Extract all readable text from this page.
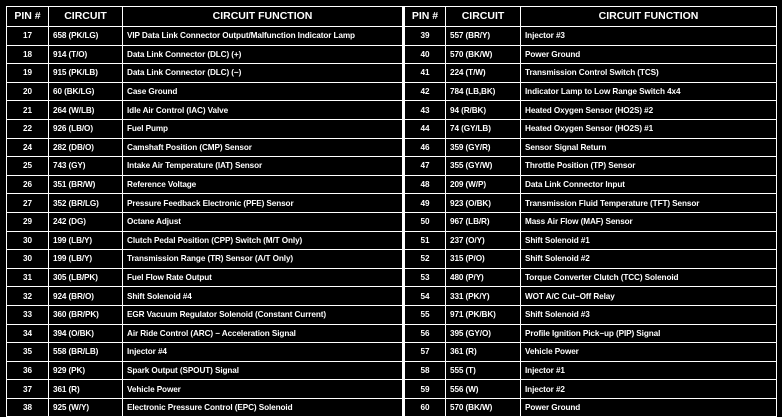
PIN #	CIRCUIT	CIRCUIT FUNCTION	PIN #	CIRCUIT	CIRCUIT FUNCTION
17	658 (PK/LG)	VIP Data Link Connector Output/Malfunction Indicator Lamp	39	557 (BR/Y)	Injector #3
18	914 (T/O)	Data Link Connector (DLC) (+)	40	570 (BK/W)	Power Ground
19	915 (PK/LB)	Data Link Connector (DLC) (−)	41	224 (T/W)	Transmission Control Switch (TCS)
20	60 (BK/LG)	Case Ground	42	784 (LB,BK)	Indicator Lamp to Low Range Switch 4x4
21	264 (W/LB)	Idle Air Control (IAC) Valve	43	94 (R/BK)	Heated Oxygen Sensor (HO2S) #2
22	926 (LB/O)	Fuel Pump	44	74 (GY/LB)	Heated Oxygen Sensor (HO2S) #1
24	282 (DB/O)	Camshaft Position (CMP) Sensor	46	359 (GY/R)	Sensor Signal Return
25	743 (GY)	Intake Air Temperature (IAT) Sensor	47	355 (GY/W)	Throttle Position (TP) Sensor
26	351 (BR/W)	Reference Voltage	48	209 (W/P)	Data Link Connector Input
27	352 (BR/LG)	Pressure Feedback Electronic (PFE) Sensor	49	923 (O/BK)	Transmission Fluid Temperature (TFT) Sensor
29	242 (DG)	Octane Adjust	50	967 (LB/R)	Mass Air Flow (MAF) Sensor
30	199 (LB/Y)	Clutch Pedal Position (CPP) Switch (M/T Only)	51	237 (O/Y)	Shift Solenoid #1
30	199 (LB/Y)	Transmission Range (TR) Sensor (A/T Only)	52	315 (P/O)	Shift Solenoid #2
31	305 (LB/PK)	Fuel Flow Rate Output	53	480 (P/Y)	Torque Converter Clutch (TCC) Solenoid
32	924 (BR/O)	Shift Solenoid #4	54	331 (PK/Y)	WOT A/C Cut−Off Relay
33	360 (BR/PK)	EGR Vacuum Regulator Solenoid (Constant Current)	55	971 (PK/BK)	Shift Solenoid #3
34	394 (O/BK)	Air Ride Control (ARC) − Acceleration Signal	56	395 (GY/O)	Profile Ignition Pick−up (PIP) Signal
35	558 (BR/LB)	Injector #4	57	361 (R)	Vehicle Power
36	929 (PK)	Spark Output (SPOUT) Signal	58	555 (T)	Injector #1
37	361 (R)	Vehicle Power	59	556 (W)	Injector #2
38	925 (W/Y)	Electronic Pressure Control (EPC) Solenoid	60	570 (BK/W)	Power Ground
